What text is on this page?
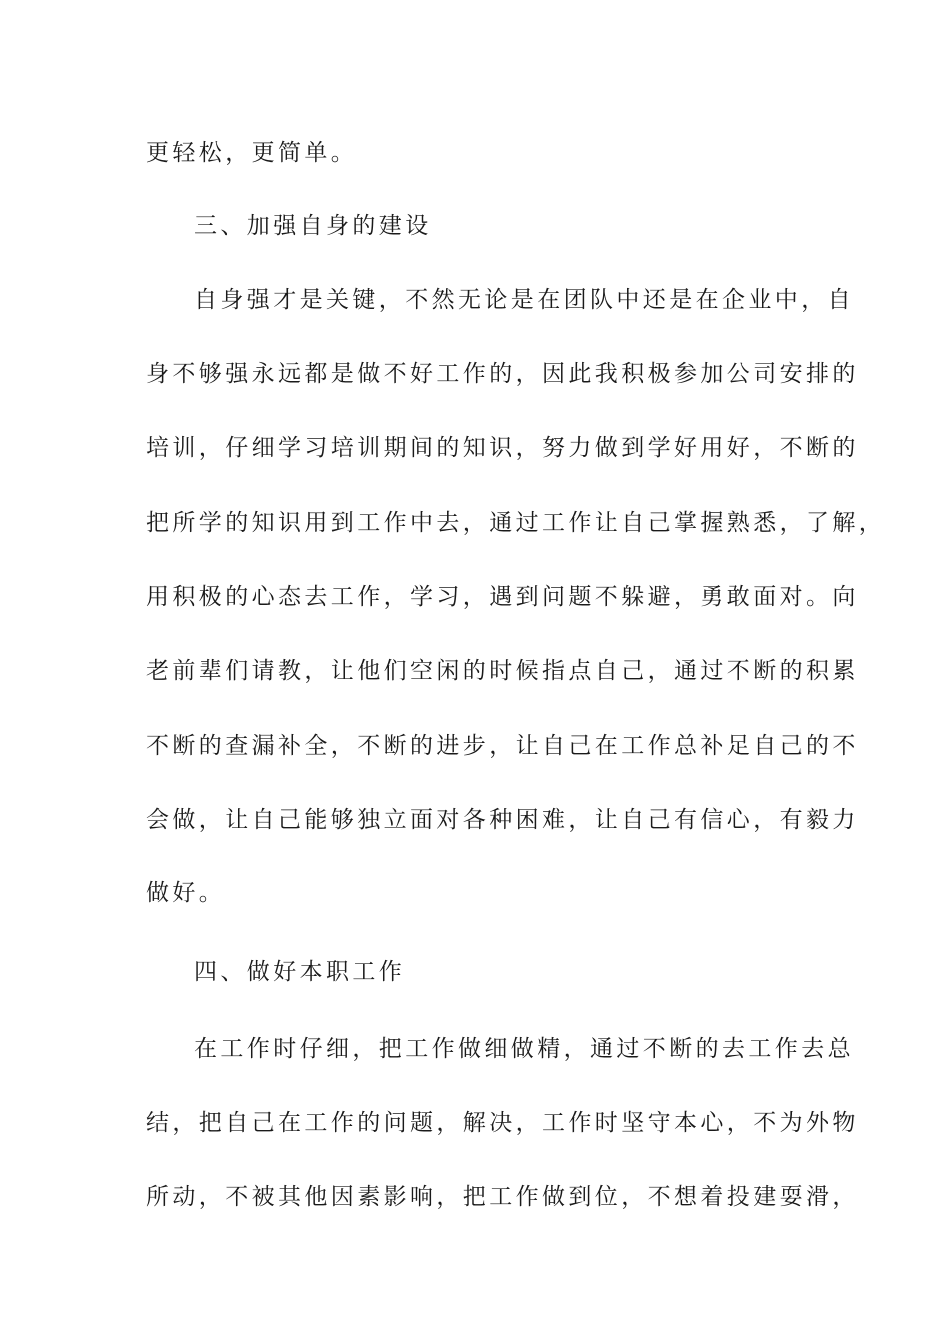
更轻松，更简单。
三、加强自身的建设
自身强才是关键，不然无论是在团队中还是在企业中，自
身不够强永远都是做不好工作的，因此我积极参加公司安排的
培训，仔细学习培训期间的知识，努力做到学好用好，不断的
把所学的知识用到工作中去，通过工作让自己掌握熟悉，了解，
用积极的心态去工作，学习，遇到问题不躲避，勇敢面对。向
老前辈们请教，让他们空闲的时候指点自己，通过不断的积累
不断的查漏补全，不断的进步，让自己在工作总补足自己的不
会做，让自己能够独立面对各种困难，让自己有信心，有毅力
做好。
四、做好本职工作
在工作时仔细，把工作做细做精，通过不断的去工作去总
结，把自己在工作的问题，解决，工作时坚守本心，不为外物
所动，不被其他因素影响，把工作做到位，不想着投建耍滑，
